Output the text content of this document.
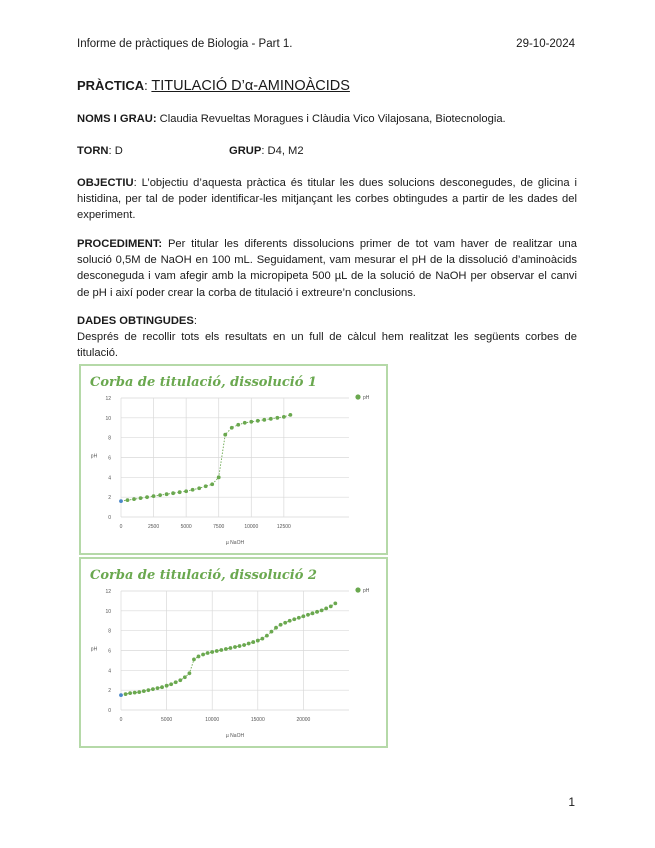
Informe de pràctiques de Biologia - Part 1.	29-10-2024
PRÀCTICA: TITULACIÓ D’α-AMINOÀCIDS
NOMS I GRAU: Claudia Revueltas Moragues i Clàudia Vico Vilajosana, Biotecnologia.
TORN: D	GRUP: D4, M2
OBJECTIU: L’objectiu d’aquesta pràctica és titular les dues solucions desconegudes, de glicina i histidina, per tal de poder identificar-les mitjançant les corbes obtingudes a partir de les dades del experiment.
PROCEDIMENT: Per titular les diferents dissolucions primer de tot vam haver de realitzar una solució 0,5M de NaOH en 100 mL. Seguidament, vam mesurar el pH de la dissolució d’aminoàcids desconeguda i vam afegir amb la micropipeta 500 µL de la solució de NaOH per observar el canvi de pH i així poder crear la corba de titulació i extreure’n conclusions.
DADES OBTINGUDES:
Després de recollir tots els resultats en un full de càlcul hem realitzat les següents corbes de titulació.
Corba de titulació, dissolució 1
0
2
4
6
8
10
12
0	2500	5000	7500	10000	12500
µ NaOH
pH
pH
Corba de titulació, dissolució 2
0
2
4
6
8
10
12
0	5000	10000	15000	20000
µ NaOH
pH
pH
1
